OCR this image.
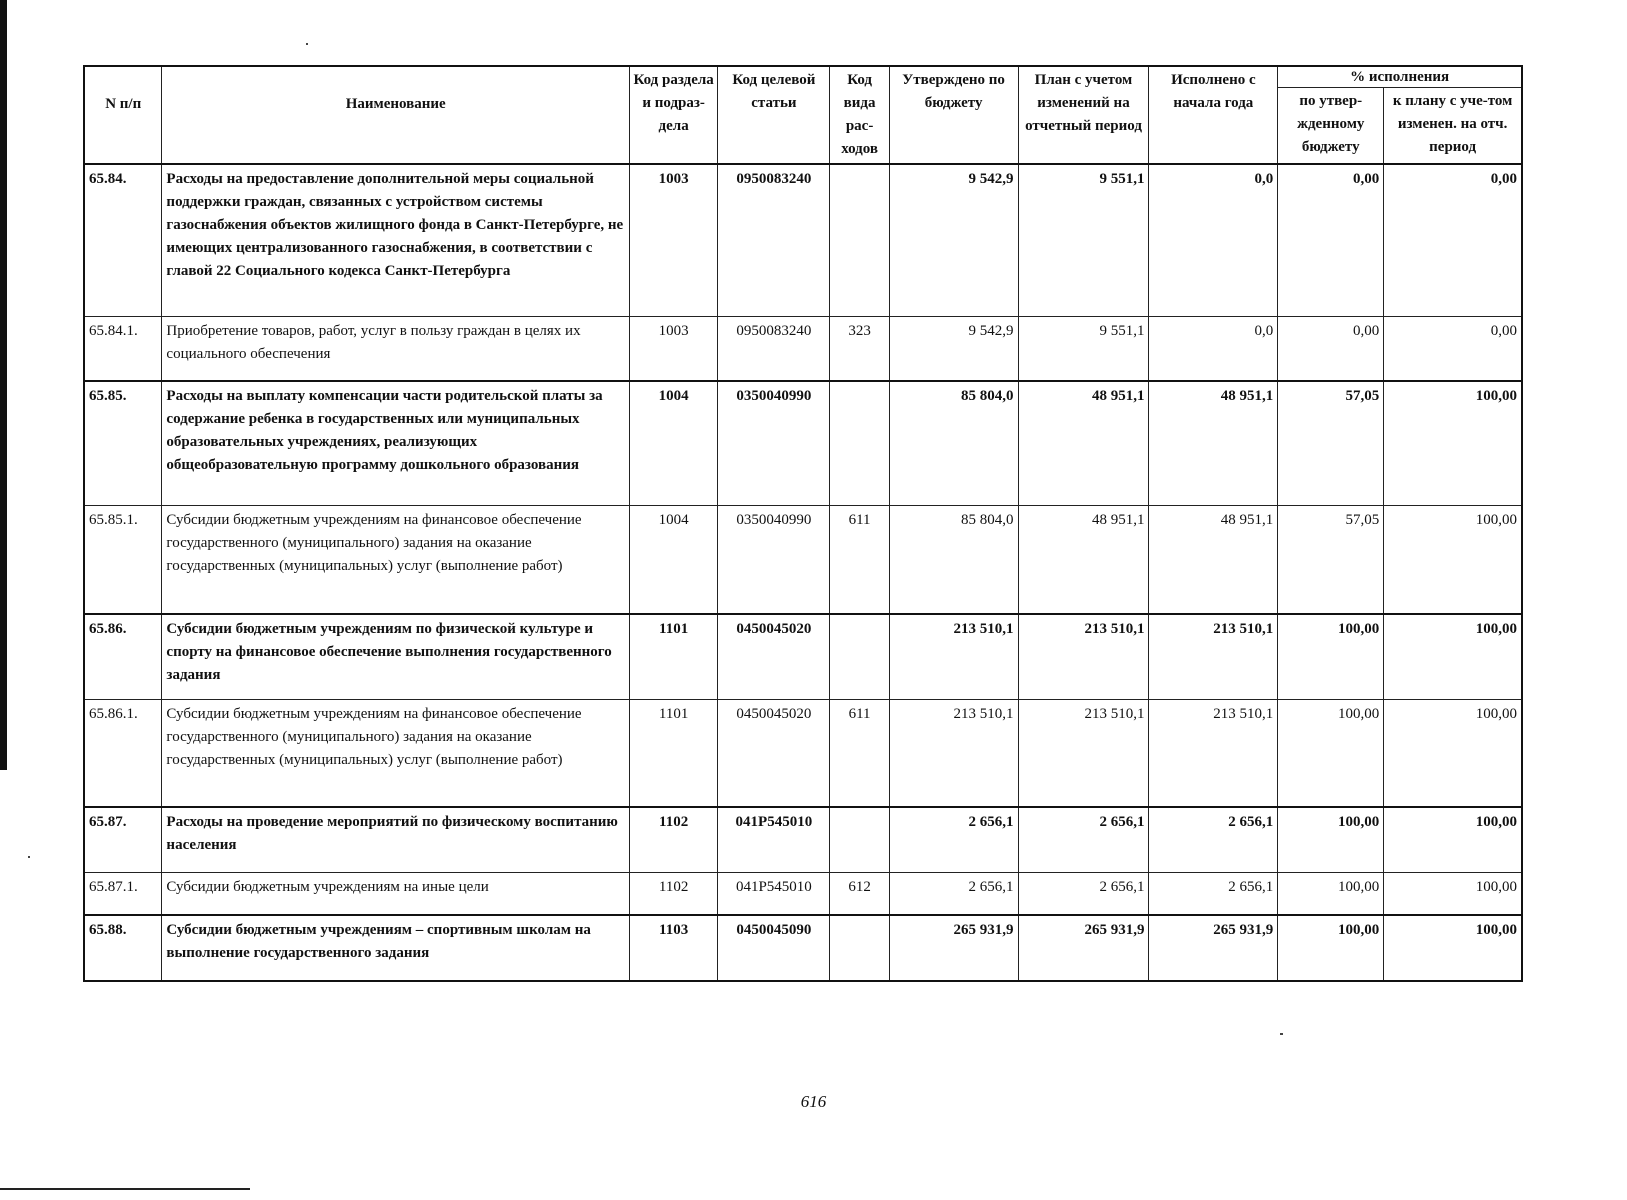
N п/п	Наименование	Код раздела и подраз-дела	Код целевой статьи	Код вида рас-ходов	Утверждено по бюджету	План с учетом изменений на отчетный период	Исполнено с начала года	% исполнения	
								по утвер-жденному бюджету	к плану с уче-том изменен. на отч. период
65.84.	Расходы на предоставление дополнительной меры социальной поддержки граждан, связанных с устройством системы газоснабжения объектов жилищного фонда в Санкт-Петербурге, не имеющих централизованного газоснабжения, в соответствии с главой 22 Социального кодекса Санкт-Петербурга	1003	0950083240		9 542,9	9 551,1	0,0	0,00	0,00
65.84.1.	Приобретение товаров, работ, услуг в пользу граждан в целях их социального обеспечения	1003	0950083240	323	9 542,9	9 551,1	0,0	0,00	0,00
65.85.	Расходы на выплату компенсации части родительской платы за содержание ребенка в государственных или муниципальных образовательных учреждениях, реализующих общеобразовательную программу дошкольного образования	1004	0350040990		85 804,0	48 951,1	48 951,1	57,05	100,00
65.85.1.	Субсидии бюджетным учреждениям на финансовое обеспечение государственного (муниципального) задания на оказание государственных (муниципальных) услуг (выполнение работ)	1004	0350040990	611	85 804,0	48 951,1	48 951,1	57,05	100,00
65.86.	Субсидии бюджетным учреждениям по физической культуре и спорту на финансовое обеспечение выполнения государственного задания	1101	0450045020		213 510,1	213 510,1	213 510,1	100,00	100,00
65.86.1.	Субсидии бюджетным учреждениям на финансовое обеспечение государственного (муниципального) задания на оказание государственных (муниципальных) услуг (выполнение работ)	1101	0450045020	611	213 510,1	213 510,1	213 510,1	100,00	100,00
65.87.	Расходы на проведение мероприятий по физическому воспитанию населения	1102	041P545010		2 656,1	2 656,1	2 656,1	100,00	100,00
65.87.1.	Субсидии бюджетным учреждениям на иные цели	1102	041P545010	612	2 656,1	2 656,1	2 656,1	100,00	100,00
65.88.	Субсидии бюджетным учреждениям – спортивным школам на выполнение государственного задания	1103	0450045090		265 931,9	265 931,9	265 931,9	100,00	100,00
616
